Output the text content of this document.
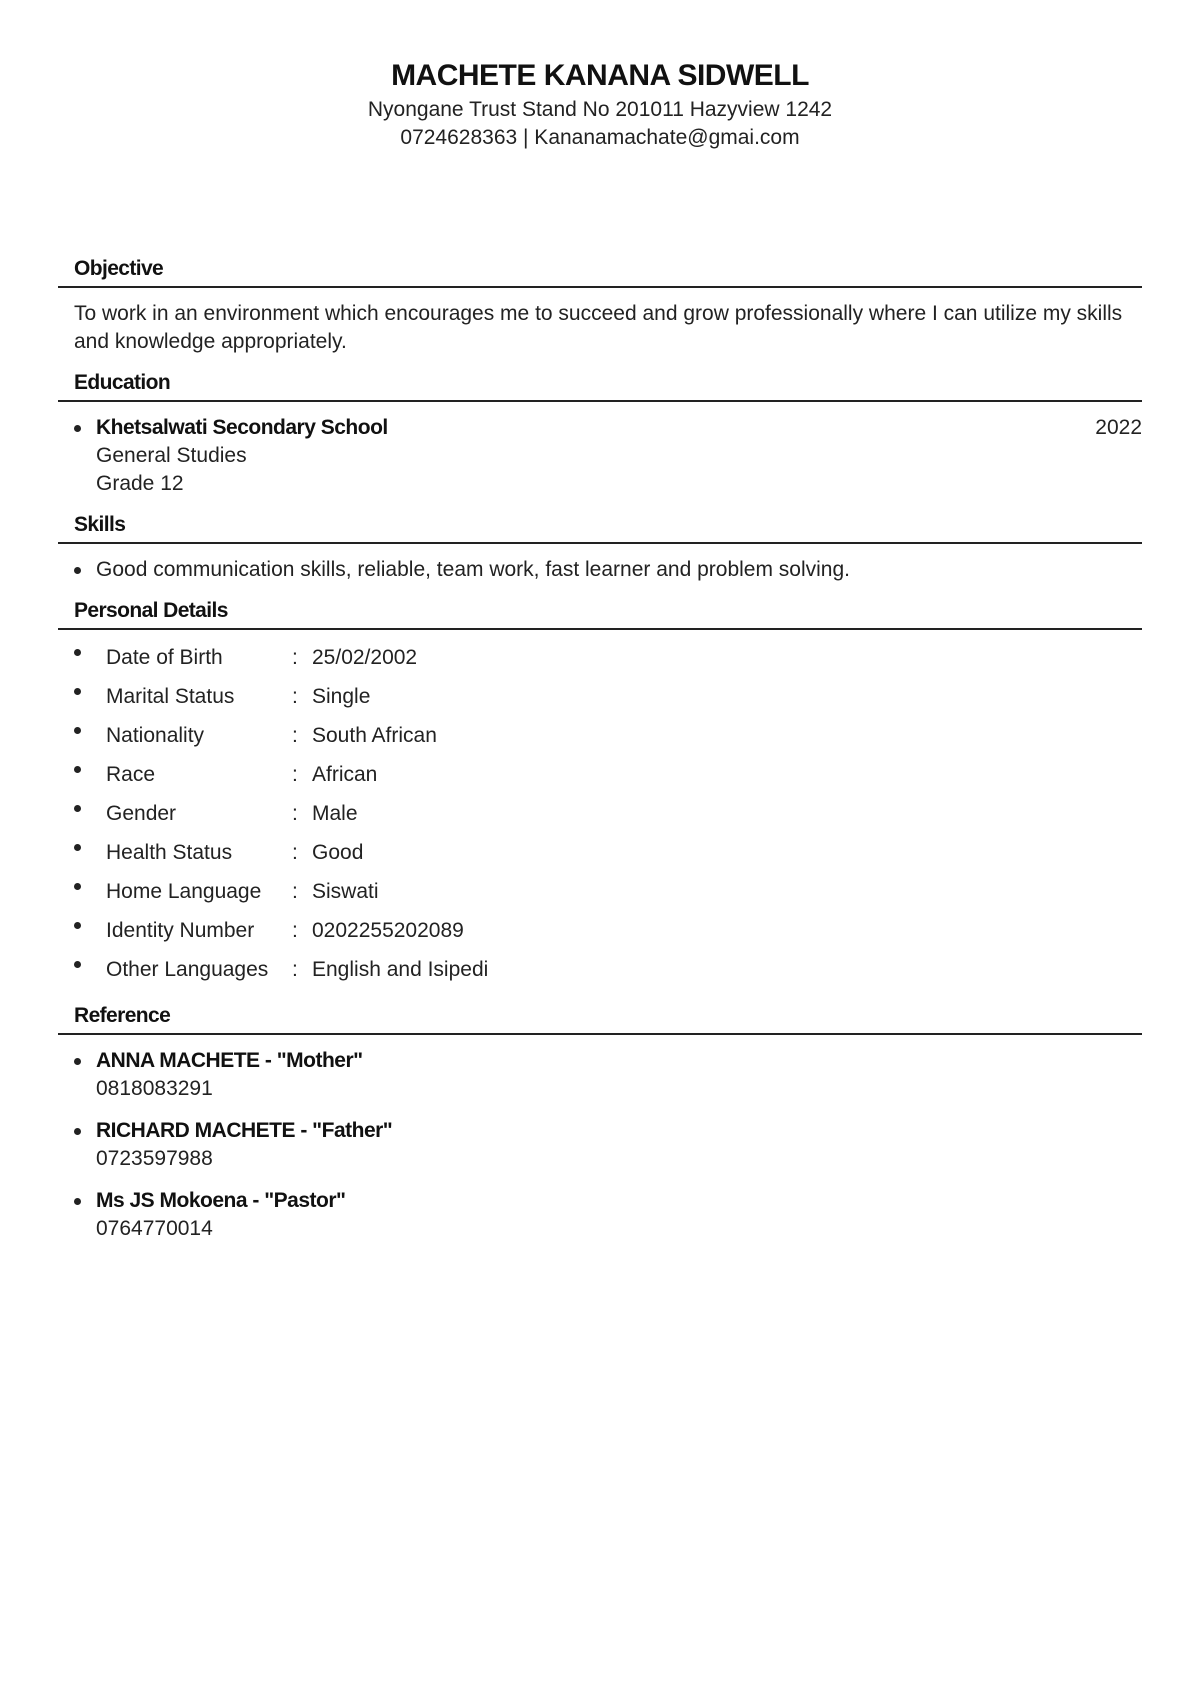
MACHETE KANANA SIDWELL
Nyongane Trust Stand No 201011 Hazyview 1242
0724628363 | Kananamachate@gmai.com
Objective
To work in an environment which encourages me to succeed and grow professionally where I can utilize my skills and knowledge appropriately.
Education
Khetsalwati Secondary School	2022
General Studies
Grade 12
Skills
Good communication skills, reliable, team work, fast learner and problem solving.
Personal Details
Date of Birth	: 25/02/2002
Marital Status	: Single
Nationality	: South African
Race	: African
Gender	: Male
Health Status	: Good
Home Language : Siswati
Identity Number : 0202255202089
Other Languages : English and Isipedi
Reference
ANNA MACHETE - "Mother"
0818083291
RICHARD MACHETE - "Father"
0723597988
Ms JS Mokoena - "Pastor"
0764770014
